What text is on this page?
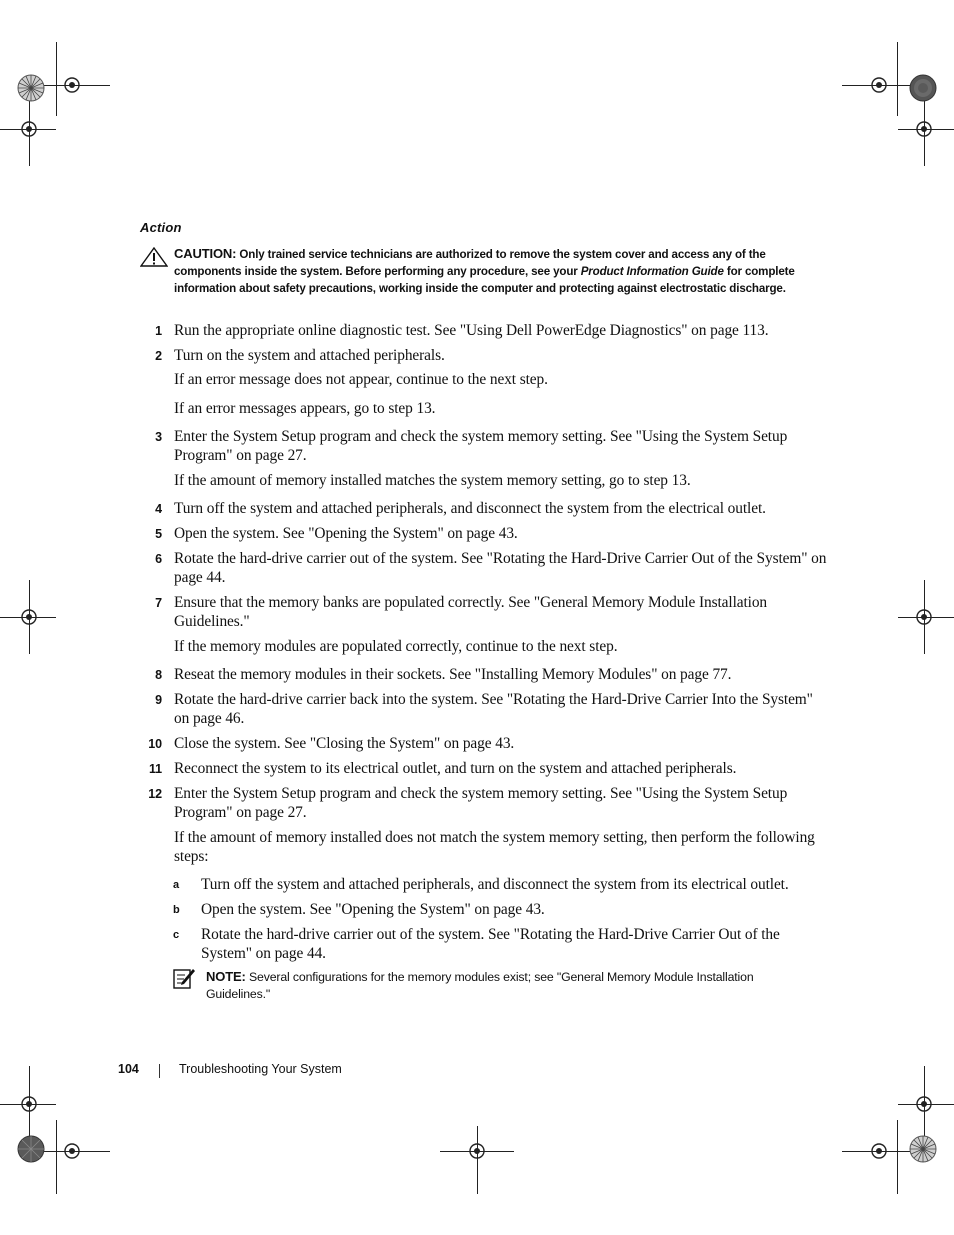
Action
CAUTION: Only trained service technicians are authorized to remove the system cover and access any of the components inside the system. Before performing any procedure, see your Product Information Guide for complete information about safety precautions, working inside the computer and protecting against electrostatic discharge.
1 Run the appropriate online diagnostic test. See "Using Dell PowerEdge Diagnostics" on page 113.
2 Turn on the system and attached peripherals.
If an error message does not appear, continue to the next step.
If an error messages appears, go to step 13.
3 Enter the System Setup program and check the system memory setting. See "Using the System Setup Program" on page 27.
If the amount of memory installed matches the system memory setting, go to step 13.
4 Turn off the system and attached peripherals, and disconnect the system from the electrical outlet.
5 Open the system. See "Opening the System" on page 43.
6 Rotate the hard-drive carrier out of the system. See "Rotating the Hard-Drive Carrier Out of the System" on page 44.
7 Ensure that the memory banks are populated correctly. See "General Memory Module Installation Guidelines."
If the memory modules are populated correctly, continue to the next step.
8 Reseat the memory modules in their sockets. See "Installing Memory Modules" on page 77.
9 Rotate the hard-drive carrier back into the system. See "Rotating the Hard-Drive Carrier Into the System" on page 46.
10 Close the system. See "Closing the System" on page 43.
11 Reconnect the system to its electrical outlet, and turn on the system and attached peripherals.
12 Enter the System Setup program and check the system memory setting. See "Using the System Setup Program" on page 27.
If the amount of memory installed does not match the system memory setting, then perform the following steps:
a Turn off the system and attached peripherals, and disconnect the system from its electrical outlet.
b Open the system. See "Opening the System" on page 43.
c Rotate the hard-drive carrier out of the system. See "Rotating the Hard-Drive Carrier Out of the System" on page 44.
NOTE: Several configurations for the memory modules exist; see "General Memory Module Installation Guidelines."
104	Troubleshooting Your System
